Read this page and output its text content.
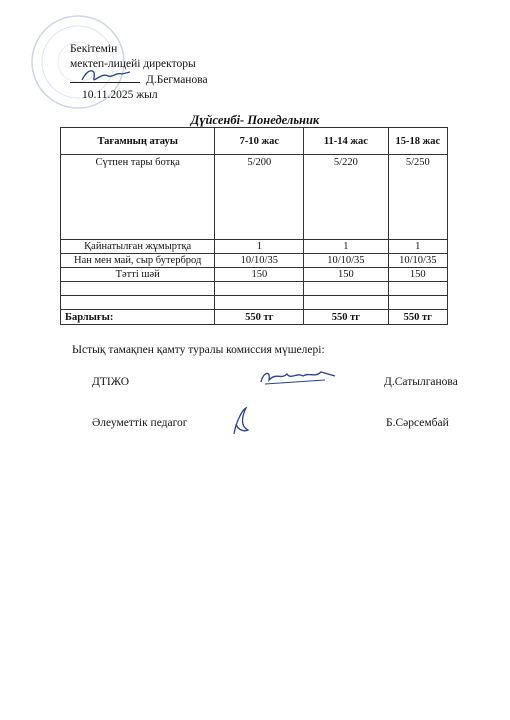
Бекітемін
мектеп-лицейі директоры
Д.Бегманова
10.11.2025 жыл
Дүйсенбі- Понедельник
Тағамның атауы	7-10 жас	11-14 жас	15-18 жас
Сүтпен тары ботқа	5/200	5/220	5/250
Қайнатылған жұмыртқа	1	1	1
Нан мен май, сыр бутерброд	10/10/35	10/10/35	10/10/35
Тәтті шәй	150	150	150

Барлығы:	550 тг	550 тг	550 тг
Ыстық тамақпен қамту туралы комиссия мүшелері:
ДТІЖО	Д.Сатылганова
Әлеуметтік педагог	Б.Сәрсембай
